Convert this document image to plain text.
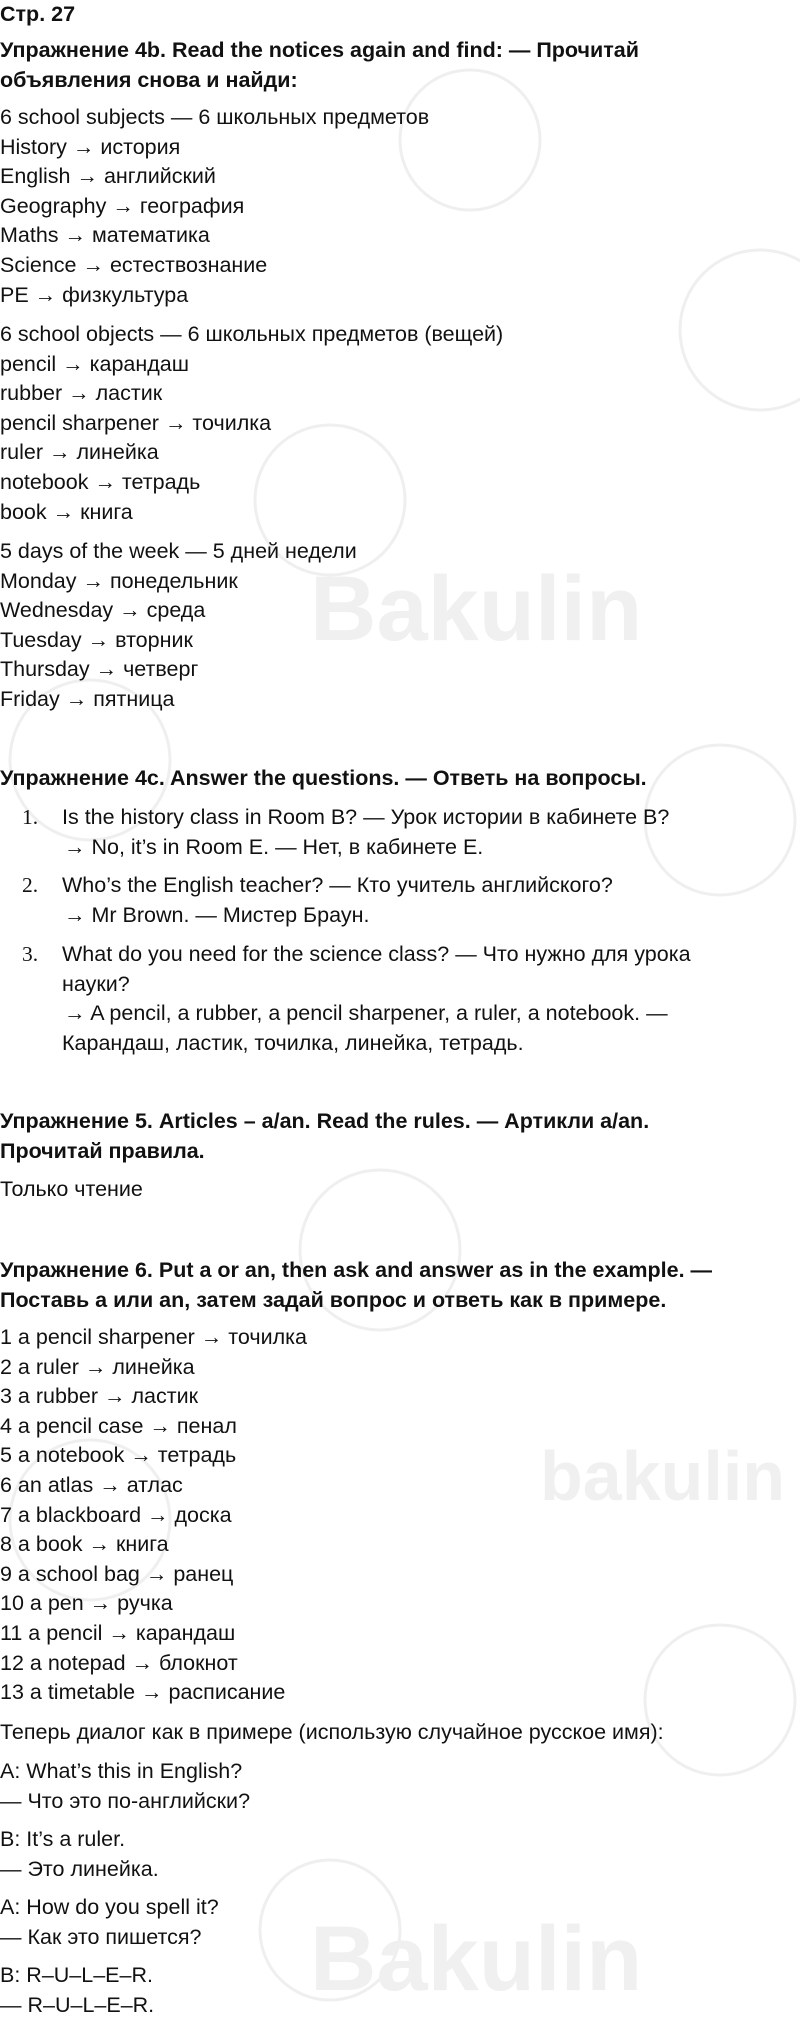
Bakulin
bakulin
Bakulin
Стр. 27
Упражнение 4b. Read the notices again and find: — Прочитай
объявления снова и найди:
6 school subjects — 6 школьных предметов
History → история
English → английский
Geography → география
Maths → математика
Science → естествознание
PE → физкультура
6 school objects — 6 школьных предметов (вещей)
pencil → карандаш
rubber → ластик
pencil sharpener → точилка
ruler → линейка
notebook → тетрадь
book → книга
5 days of the week — 5 дней недели
Monday → понедельник
Wednesday → среда
Tuesday → вторник
Thursday → четверг
Friday → пятница
Упражнение 4c. Answer the questions. — Ответь на вопросы.
1. Is the history class in Room B? — Урок истории в кабинете B?
→ No, it’s in Room E. — Нет, в кабинете E.
2. Who’s the English teacher? — Кто учитель английского?
→ Mr Brown. — Мистер Браун.
3. What do you need for the science class? — Что нужно для урока
науки?
→ A pencil, a rubber, a pencil sharpener, a ruler, a notebook. —
Карандаш, ластик, точилка, линейка, тетрадь.
Упражнение 5. Articles – a/an. Read the rules. — Артикли a/an.
Прочитай правила.
Только чтение
Упражнение 6. Put a or an, then ask and answer as in the example. —
Поставь a или an, затем задай вопрос и ответь как в примере.
1 a pencil sharpener → точилка
2 a ruler → линейка
3 a rubber → ластик
4 a pencil case → пенал
5 a notebook → тетрадь
6 an atlas → атлас
7 a blackboard → доска
8 a book → книга
9 a school bag → ранец
10 a pen → ручка
11 a pencil → карандаш
12 a notepad → блокнот
13 a timetable → расписание
Теперь диалог как в примере (использую случайное русское имя):
A: What’s this in English?
— Что это по-английски?
B: It’s a ruler.
— Это линейка.
A: How do you spell it?
— Как это пишется?
B: R–U–L–E–R.
— R–U–L–E–R.
